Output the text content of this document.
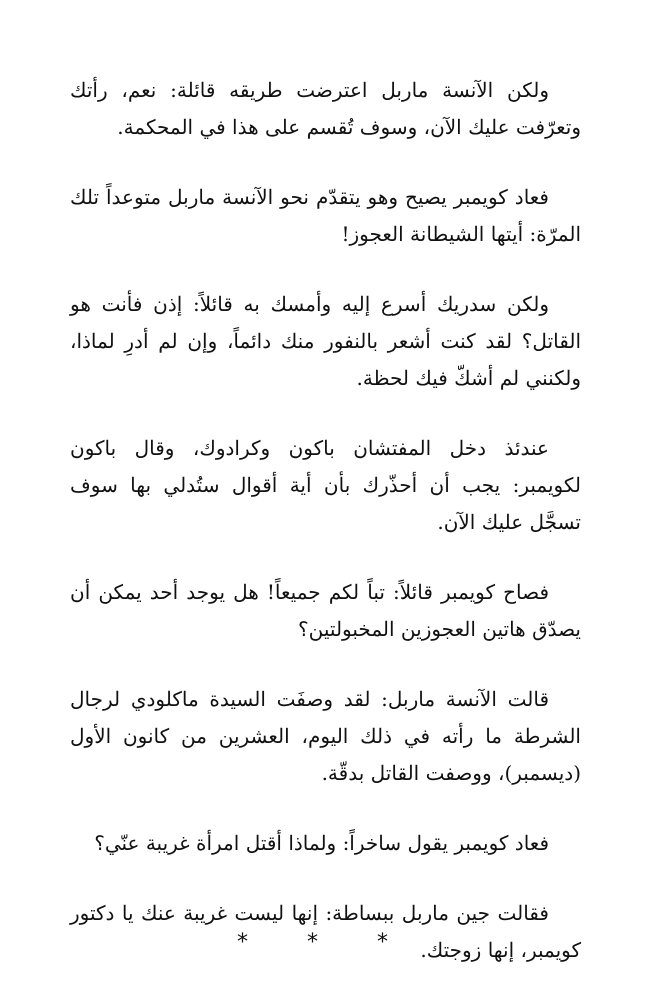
ولكن الآنسة ماربل اعترضت طريقه قائلة: نعم، رأتك وتعرّفت عليك الآن، وسوف تُقسم على هذا في المحكمة.

فعاد كويمبر يصيح وهو يتقدّم نحو الآنسة ماربل متوعداً تلك المرّة: أيتها الشيطانة العجوز!

ولكن سدريك أسرع إليه وأمسك به قائلاً: إذن فأنت هو القاتل؟ لقد كنت أشعر بالنفور منك دائماً، وإن لم أدرِ لماذا، ولكنني لم أشكّ فيك لحظة.

عندئذ دخل المفتشان باكون وكرادوك، وقال باكون لكويمبر: يجب أن أحذّرك بأن أية أقوال ستُدلي بها سوف تسجَّل عليك الآن.

فصاح كويمبر قائلاً: تباً لكم جميعاً! هل يوجد أحد يمكن أن يصدّق هاتين العجوزين المخبولتين؟

قالت الآنسة ماربل: لقد وصفَت السيدة ماكلودي لرجال الشرطة ما رأته في ذلك اليوم، العشرين من كانون الأول (ديسمبر)، ووصفت القاتل بدقّة.

فعاد كويمبر يقول ساخراً: ولماذا أقتل امرأة غريبة عنّي؟

فقالت جين ماربل ببساطة: إنها ليست غريبة عنك يا دكتور كويمبر، إنها زوجتك.

* * *
